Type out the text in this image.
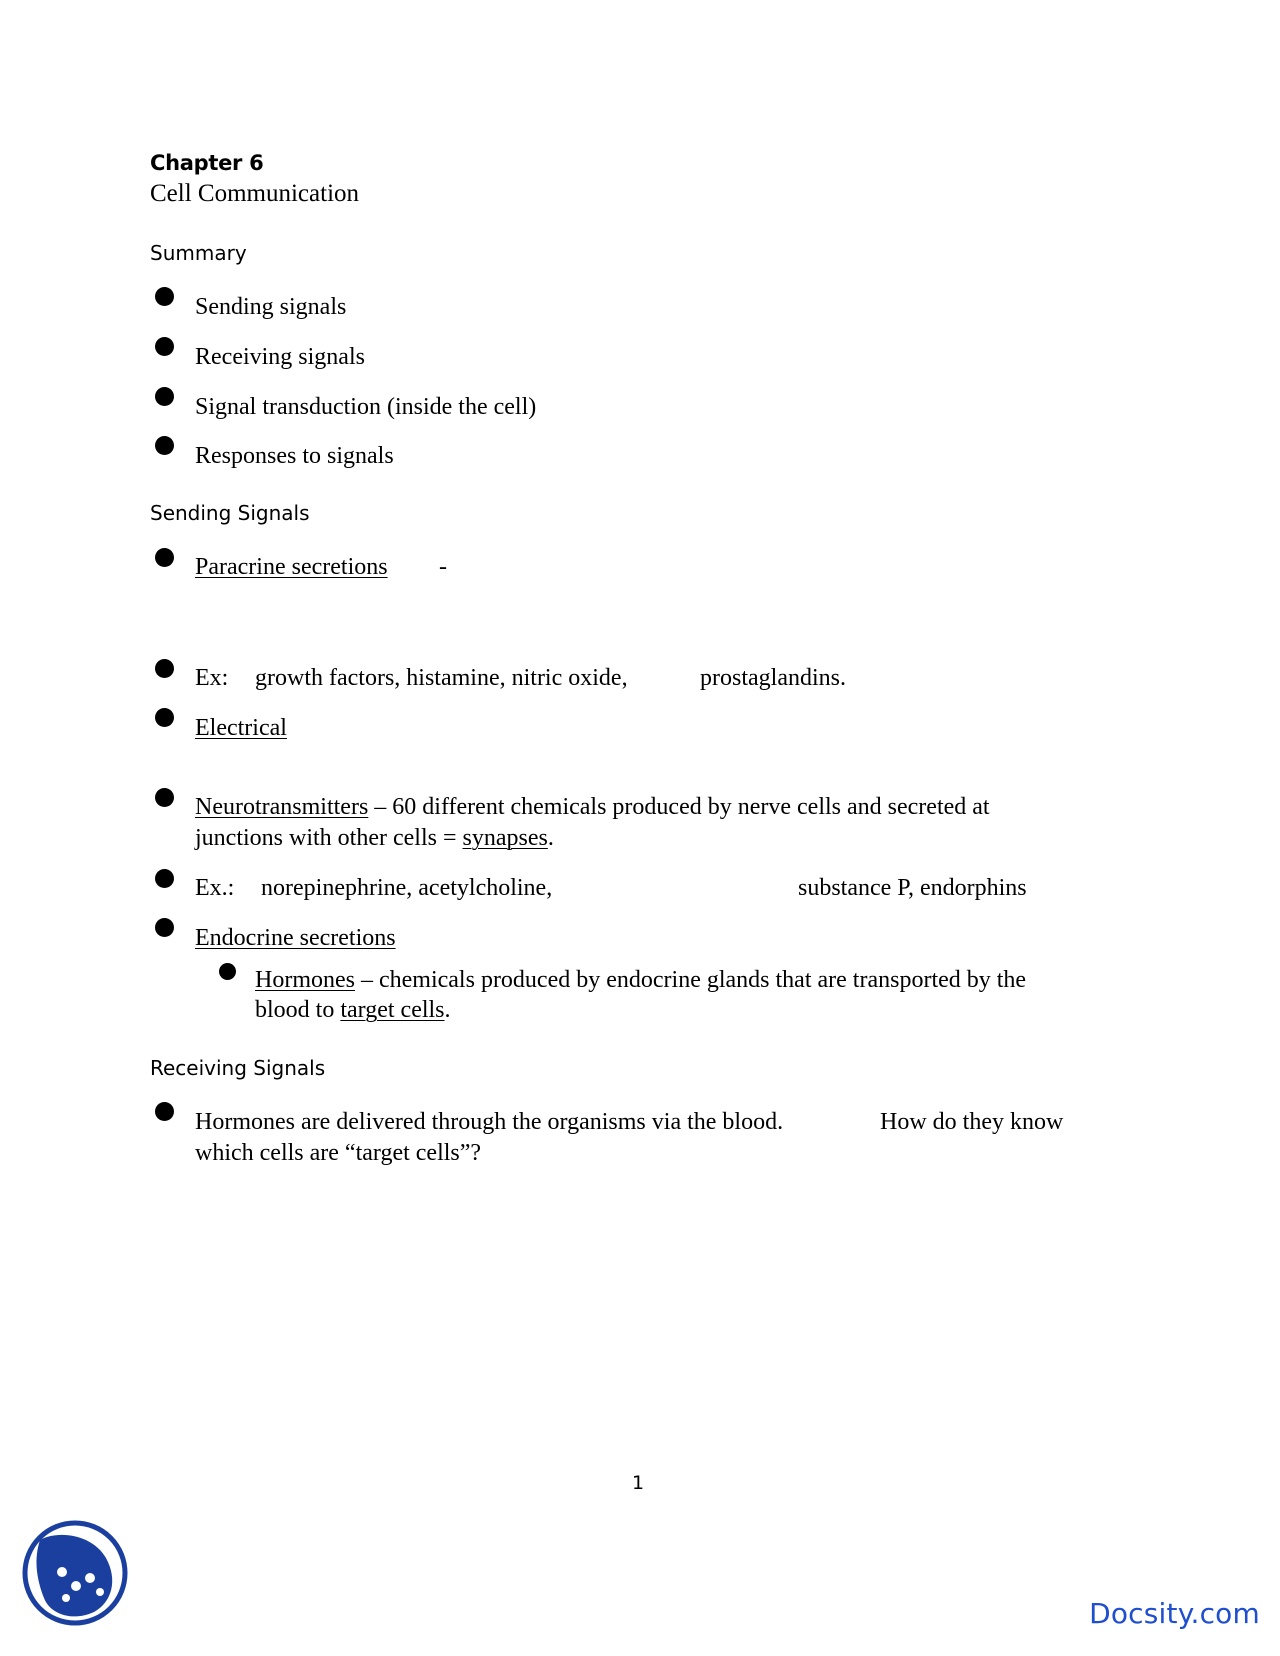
Chapter 6
Cell Communication
Summary
Sending signals
Receiving signals
Signal transduction (inside the cell)
Responses to signals
Sending Signals
Paracrine secretions -
Ex: growth factors, histamine, nitric oxide,	prostaglandins.
Electrical
Neurotransmitters – 60 different chemicals produced by nerve cells and secreted at
junctions with other cells = synapses.
Ex.: norepinephrine, acetylcholine,	substance P, endorphins
Endocrine secretions
Hormones – chemicals produced by endocrine glands that are transported by the
blood to target cells.
Receiving Signals
Hormones are delivered through the organisms via the blood.	How do they know
which cells are “target cells”?
1
Docsity.com
